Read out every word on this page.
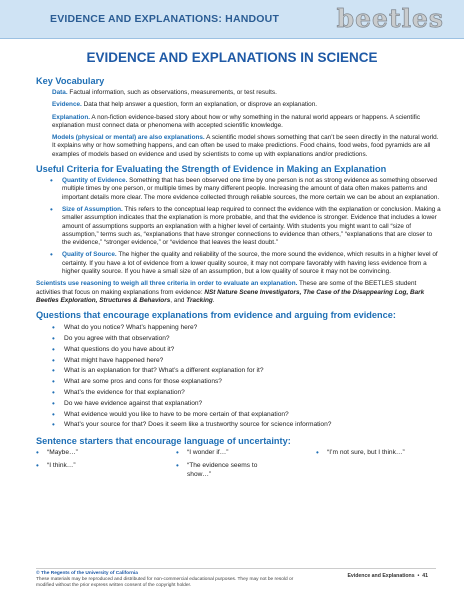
EVIDENCE AND EXPLANATIONS: HANDOUT beetles
EVIDENCE AND EXPLANATIONS IN SCIENCE
Key Vocabulary

Data. Factual information, such as observations, measurements, or test results.

Evidence. Data that help answer a question, form an explanation, or disprove an explanation.

Explanation. A non-fiction evidence-based story about how or why something in the natural world appears or happens. A scientific explanation must connect data or phenomena with accepted scientific knowledge.

Models (physical or mental) are also explanations. A scientific model shows something that can’t be seen directly in the natural world. It explains why or how something happens, and can often be used to make predictions. Food chains, food webs, food pyramids are all examples of models based on evidence and used by scientists to come up with explanations and/or predictions.

Useful Criteria for Evaluating the Strength of Evidence in Making an Explanation
• Quantity of Evidence. Something that has been observed one time by one person is not as strong evidence as something observed multiple times by one person, or multiple times by many different people. Increasing the amount of data often makes patterns and important details more clear. The more evidence collected through reliable sources, the more certain we can be about an explanation.
• Size of Assumption. This refers to the conceptual leap required to connect the evidence with the explanation or conclusion. Making a smaller assumption indicates that the explanation is more probable, and that the evidence is stronger. Evidence that includes a lower amount of assumptions supports an explanation with a higher level of certainty. With students you might want to call “size of assumption,” terms such as, “explanations that have stronger connections to evidence than others,” “explanations that are closer to the evidence,” “stronger evidence,” or “evidence that leaves the least doubt.”
• Quality of Source. The higher the quality and reliability of the source, the more sound the evidence, which results in a higher level of certainty. If you have a lot of evidence from a lower quality source, it may not compare favorably with having less evidence from a higher quality source. If you have a small size of an assumption, but a low quality of source it may not be convincing.
Scientists use reasoning to weigh all three criteria in order to evaluate an explanation. These are some of the BEETLES student activities that focus on making explanations from evidence: NSt Nature Scene Investigators, The Case of the Disappearing Log, Bark Beetles Exploration, Structures & Behaviors, and Tracking.
Questions that encourage explanations from evidence and arguing from evidence:
• What do you notice? What’s happening here?
• Do you agree with that observation?
• What questions do you have about it?
• What might have happened here?
• What is an explanation for that? What’s a different explanation for it?
• What are some pros and cons for those explanations?
• What’s the evidence for that explanation?
• Do we have evidence against that explanation?
• What evidence would you like to have to be more certain of that explanation?
• What’s your source for that? Does it seem like a trustworthy source for science information?
Sentence starters that encourage language of uncertainty:
• “Maybe…”	• “I wonder if…”	• “I’m not sure, but I think…”
• “I think…”	• “The evidence seems to show…”
© The Regents of the University of California
These materials may be reproduced and distributed for non-commercial educational purposes. They may not be resold or modified without the prior express written consent of the copyright holder.
Evidence and Explanations • 41
